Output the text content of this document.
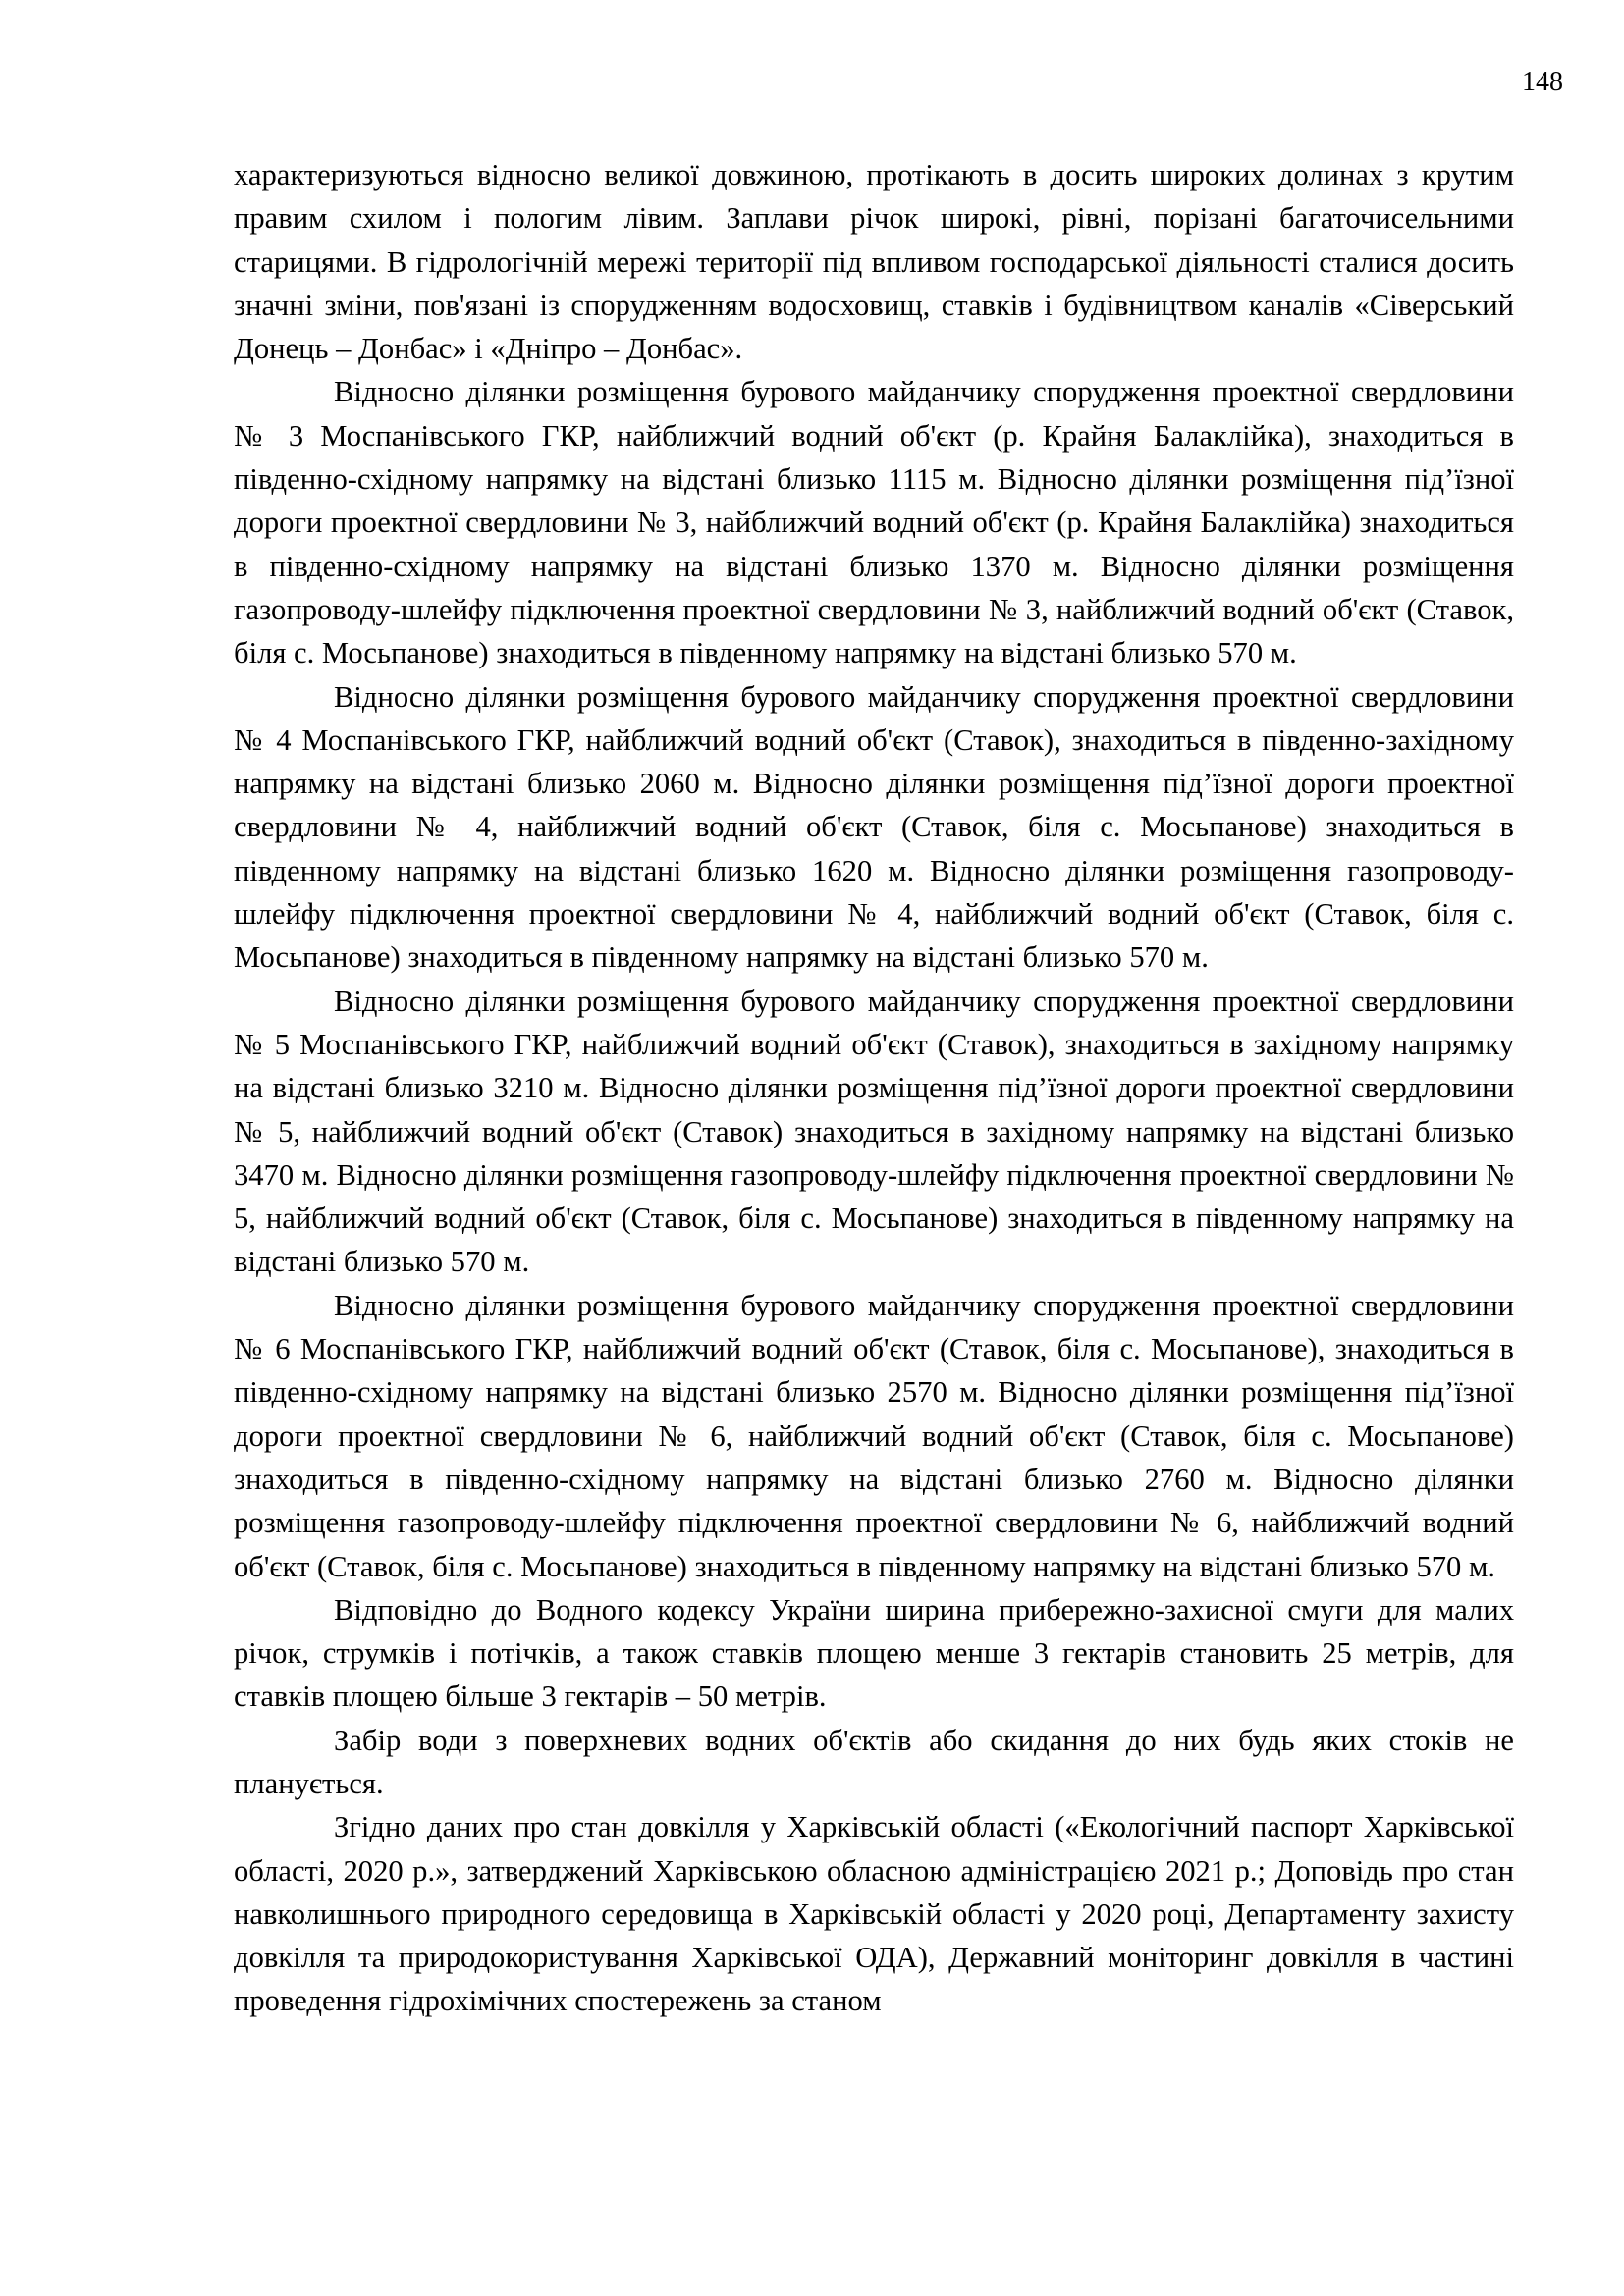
148

характеризуються відносно великої довжиною, протікають в досить широких долинах з крутим правим схилом і пологим лівим. Заплави річок широкі, рівні, порізані багаточисельними старицями. В гідрологічній мережі території під впливом господарської діяльності сталися досить значні зміни, пов'язані із спорудженням водосховищ, ставків і будівництвом каналів «Сіверський Донець – Донбас» і «Дніпро – Донбас».

Відносно ділянки розміщення бурового майданчику спорудження проектної свердловини № 3 Моспанівського ГКР, найближчий водний об'єкт (р. Крайня Балаклійка), знаходиться в південно-східному напрямку на відстані близько 1115 м. Відносно ділянки розміщення під’їзної дороги проектної свердловини № 3, найближчий водний об'єкт (р. Крайня Балаклійка) знаходиться в південно-східному напрямку на відстані близько 1370 м. Відносно ділянки розміщення газопроводу-шлейфу підключення проектної свердловини № 3, найближчий водний об'єкт (Ставок, біля с. Мосьпанове) знаходиться в південному напрямку на відстані близько 570 м.

Відносно ділянки розміщення бурового майданчику спорудження проектної свердловини № 4 Моспанівського ГКР, найближчий водний об'єкт (Ставок), знаходиться в південно-західному напрямку на відстані близько 2060 м. Відносно ділянки розміщення під’їзної дороги проектної свердловини № 4, найближчий водний об'єкт (Ставок, біля с. Мосьпанове) знаходиться в південному напрямку на відстані близько 1620 м. Відносно ділянки розміщення газопроводу-шлейфу підключення проектної свердловини № 4, найближчий водний об'єкт (Ставок, біля с. Мосьпанове) знаходиться в південному напрямку на відстані близько 570 м.

Відносно ділянки розміщення бурового майданчику спорудження проектної свердловини № 5 Моспанівського ГКР, найближчий водний об'єкт (Ставок), знаходиться в західному напрямку на відстані близько 3210 м. Відносно ділянки розміщення під’їзної дороги проектної свердловини № 5, найближчий водний об'єкт (Ставок) знаходиться в західному напрямку на відстані близько 3470 м. Відносно ділянки розміщення газопроводу-шлейфу підключення проектної свердловини № 5, найближчий водний об'єкт (Ставок, біля с. Мосьпанове) знаходиться в південному напрямку на відстані близько 570 м.

Відносно ділянки розміщення бурового майданчику спорудження проектної свердловини № 6 Моспанівського ГКР, найближчий водний об'єкт (Ставок, біля с. Мосьпанове), знаходиться в південно-східному напрямку на відстані близько 2570 м. Відносно ділянки розміщення під’їзної дороги проектної свердловини № 6, найближчий водний об'єкт (Ставок, біля с. Мосьпанове) знаходиться в південно-східному напрямку на відстані близько 2760 м. Відносно ділянки розміщення газопроводу-шлейфу підключення проектної свердловини № 6, найближчий водний об'єкт (Ставок, біля с. Мосьпанове) знаходиться в південному напрямку на відстані близько 570 м.

Відповідно до Водного кодексу України ширина прибережно-захисної смуги для малих річок, струмків і потічків, а також ставків площею менше 3 гектарів становить 25 метрів, для ставків площею більше 3 гектарів – 50 метрів.

Забір води з поверхневих водних об'єктів або скидання до них будь яких стоків не планується.

Згідно даних про стан довкілля у Харківській області («Екологічний паспорт Харківської області, 2020 р.», затверджений Харківською обласною адміністрацією 2021 р.; Доповідь про стан навколишнього природного середовища в Харківській області у 2020 році, Департаменту захисту довкілля та природокористування Харківської ОДА), Державний моніторинг довкілля в частині проведення гідрохімічних спостережень за станом
